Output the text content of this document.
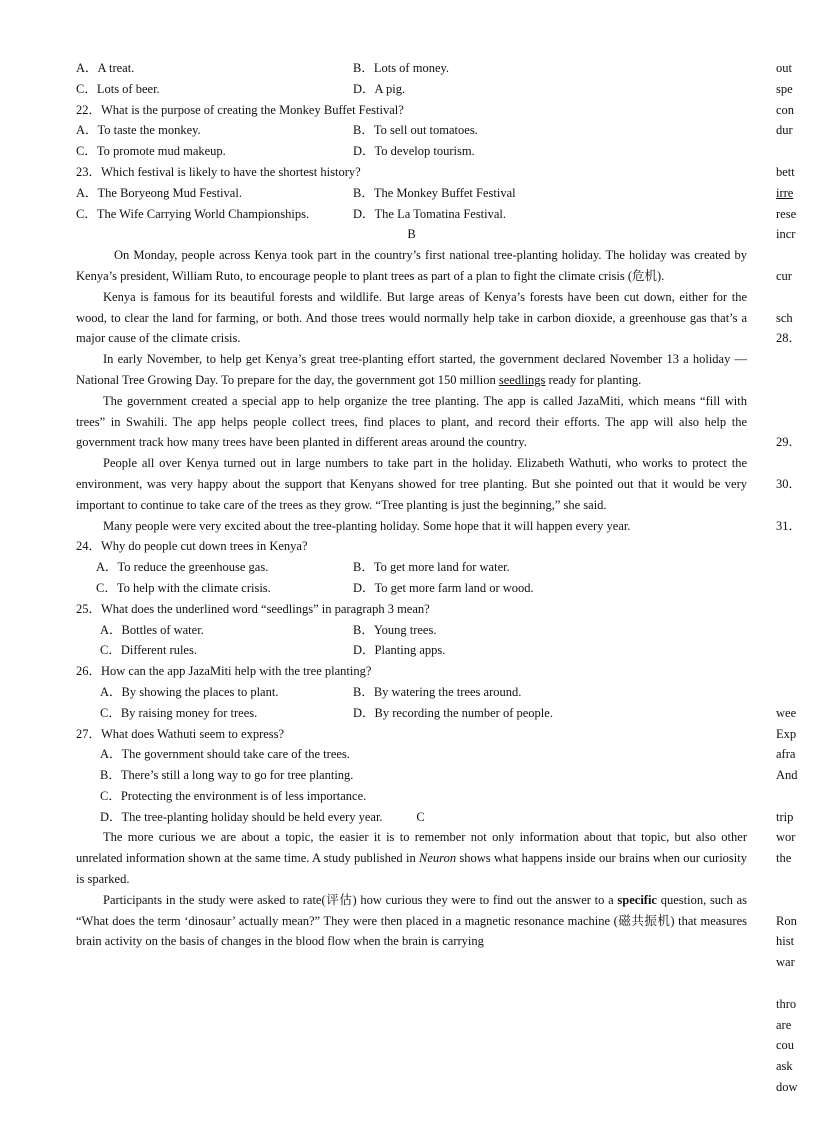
A．A treat.	B．Lots of money.
C．Lots of beer.	D．A pig.
22．What is the purpose of creating the Monkey Buffet Festival?
A．To taste the monkey.	B．To sell out tomatoes.
C．To promote mud makeup.	D．To develop tourism.
23．Which festival is likely to have the shortest history?
A．The Boryeong Mud Festival.	B．The Monkey Buffet Festival
C．The Wife Carrying World Championships.	D．The La Tomatina Festival.
B
On Monday, people across Kenya took part in the country’s first national tree-planting holiday. The holiday was created by Kenya’s president, William Ruto, to encourage people to plant trees as part of a plan to fight the climate crisis (危机).
Kenya is famous for its beautiful forests and wildlife. But large areas of Kenya’s forests have been cut down, either for the wood, to clear the land for farming, or both. And those trees would normally help take in carbon dioxide, a greenhouse gas that’s a major cause of the climate crisis.
In early November, to help get Kenya’s great tree-planting effort started, the government declared November 13 a holiday — National Tree Growing Day. To prepare for the day, the government got 150 million seedlings ready for planting.
The government created a special app to help organize the tree planting. The app is called JazaMiti, which means “fill with trees” in Swahili. The app helps people collect trees, find places to plant, and record their efforts. The app will also help the government track how many trees have been planted in different areas around the country.
People all over Kenya turned out in large numbers to take part in the holiday. Elizabeth Wathuti, who works to protect the environment, was very happy about the support that Kenyans showed for tree planting. But she pointed out that it would be very important to continue to take care of the trees as they grow. “Tree planting is just the beginning,” she said.
Many people were very excited about the tree-planting holiday. Some hope that it will happen every year.
24．Why do people cut down trees in Kenya?
A．To reduce the greenhouse gas.	B．To get more land for water.
C．To help with the climate crisis.	D．To get more farm land or wood.
25．What does the underlined word “seedlings” in paragraph 3 mean?
A．Bottles of water.	B．Young trees.
C．Different rules.	D．Planting apps.
26．How can the app JazaMiti help with the tree planting?
A．By showing the places to plant.	B．By watering the trees around.
C．By raising money for trees.	D．By recording the number of people.
27．What does Wathuti seem to express?
A．The government should take care of the trees.
B．There’s still a long way to go for tree planting.
C．Protecting the environment is of less importance.
D．The tree-planting holiday should be held every year.	C
The more curious we are about a topic, the easier it is to remember not only information about that topic, but also other unrelated information shown at the same time. A study published in Neuron shows what happens inside our brains when our curiosity is sparked.
Participants in the study were asked to rate(评估) how curious they were to find out the answer to a specific question, such as “What does the term ‘dinosaur’ actually mean?” They were then placed in a magnetic resonance machine (磁共振机) that measures brain activity on the basis of changes in the blood flow when the brain is carrying
out
spe
con
dur
bett
irre
rese
incr
cur
sch
28．
29．
30．
31．
wee
Exp
afra
And
trip
wor
the
Ron
hist
war
thro
are
cou
ask
dow
